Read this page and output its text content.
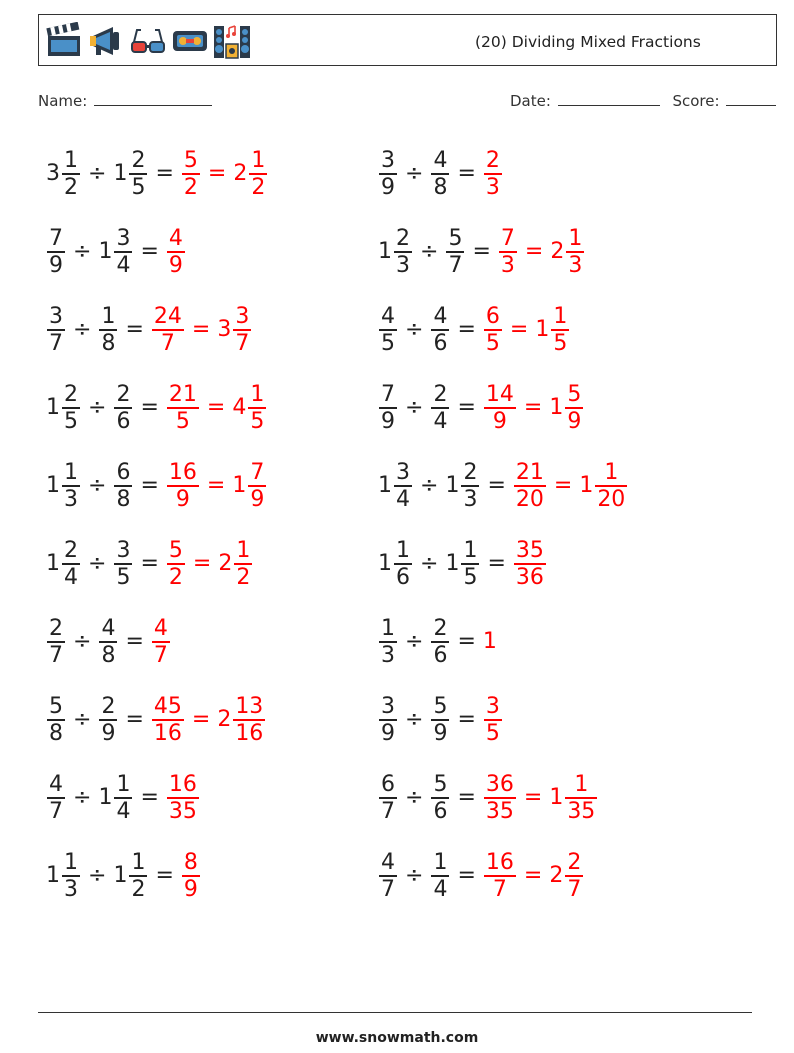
(20) Dividing Mixed Fractions
Name:	Date:	Score:
$3 \frac{1}{2} \div 1 \frac{2}{5} = \frac{5}{2} = 2 \frac{1}{2}$	$\frac{3}{9} \div \frac{4}{8} = \frac{2}{3}$
$\frac{7}{9} \div 1 \frac{3}{4} = \frac{4}{9}$	$1 \frac{2}{3} \div \frac{5}{7} = \frac{7}{3} = 2 \frac{1}{3}$
$\frac{3}{7} \div \frac{1}{8} = \frac{24}{7} = 3 \frac{3}{7}$	$\frac{4}{5} \div \frac{4}{6} = \frac{6}{5} = 1 \frac{1}{5}$
$1 \frac{2}{5} \div \frac{2}{6} = \frac{21}{5} = 4 \frac{1}{5}$	$\frac{7}{9} \div \frac{2}{4} = \frac{14}{9} = 1 \frac{5}{9}$
$1 \frac{1}{3} \div \frac{6}{8} = \frac{16}{9} = 1 \frac{7}{9}$	$1 \frac{3}{4} \div 1 \frac{2}{3} = \frac{21}{20} = 1 \frac{1}{20}$
$1 \frac{2}{4} \div \frac{3}{5} = \frac{5}{2} = 2 \frac{1}{2}$	$1 \frac{1}{6} \div 1 \frac{1}{5} = \frac{35}{36}$
$\frac{2}{7} \div \frac{4}{8} = \frac{4}{7}$	$\frac{1}{3} \div \frac{2}{6} = 1$
$\frac{5}{8} \div \frac{2}{9} = \frac{45}{16} = 2 \frac{13}{16}$	$\frac{3}{9} \div \frac{5}{9} = \frac{3}{5}$
$\frac{4}{7} \div 1 \frac{1}{4} = \frac{16}{35}$	$\frac{6}{7} \div \frac{5}{6} = \frac{36}{35} = 1 \frac{1}{35}$
$1 \frac{1}{3} \div 1 \frac{1}{2} = \frac{8}{9}$	$\frac{4}{7} \div \frac{1}{4} = \frac{16}{7} = 2 \frac{2}{7}$
www.snowmath.com
